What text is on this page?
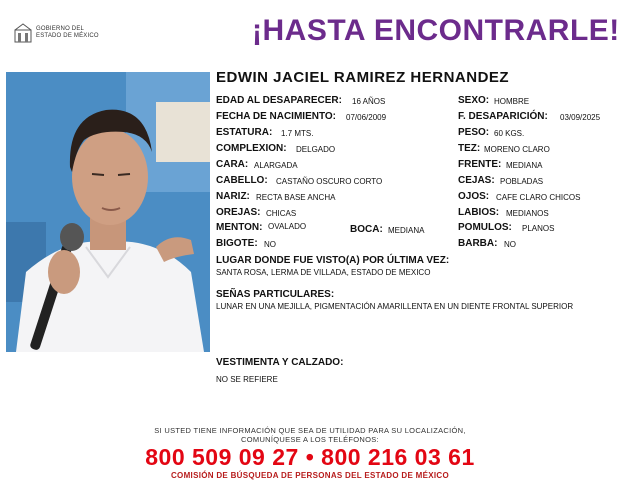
GOBIERNO DEL
ESTADO DE MÉXICO	¡HASTA ENCONTRARLE!
EDWIN JACIEL RAMIREZ HERNANDEZ
EDAD AL DESAPARECER: 16 AÑOS	SEXO: HOMBRE
FECHA DE NACIMIENTO: 07/06/2009	F. DESAPARICIÓN: 03/09/2025
ESTATURA: 1.7 MTS.	PESO: 60 KGS.
COMPLEXION: DELGADO	TEZ: MORENO CLARO
CARA: ALARGADA	FRENTE: MEDIANA
CABELLO: CASTAÑO OSCURO CORTO	CEJAS: POBLADAS
NARIZ: RECTA BASE ANCHA	OJOS: CAFE CLARO CHICOS
OREJAS: CHICAS	LABIOS: MEDIANOS
MENTON: OVALADO	BOCA: MEDIANA	POMULOS: PLANOS
BIGOTE: NO	BARBA: NO
LUGAR DONDE FUE VISTO(A) POR ÚLTIMA VEZ:
SANTA ROSA, LERMA DE VILLADA, ESTADO DE MEXICO
SEÑAS PARTICULARES:
LUNAR EN UNA MEJILLA, PIGMENTACIÓN AMARILLENTA EN UN DIENTE FRONTAL SUPERIOR
VESTIMENTA Y CALZADO:
NO SE REFIERE
SI USTED TIENE INFORMACIÓN QUE SEA DE UTILIDAD PARA SU LOCALIZACIÓN,
COMUNÍQUESE A LOS TELÉFONOS:
800 509 09 27 • 800 216 03 61
COMISIÓN DE BÚSQUEDA DE PERSONAS DEL ESTADO DE MÉXICO
